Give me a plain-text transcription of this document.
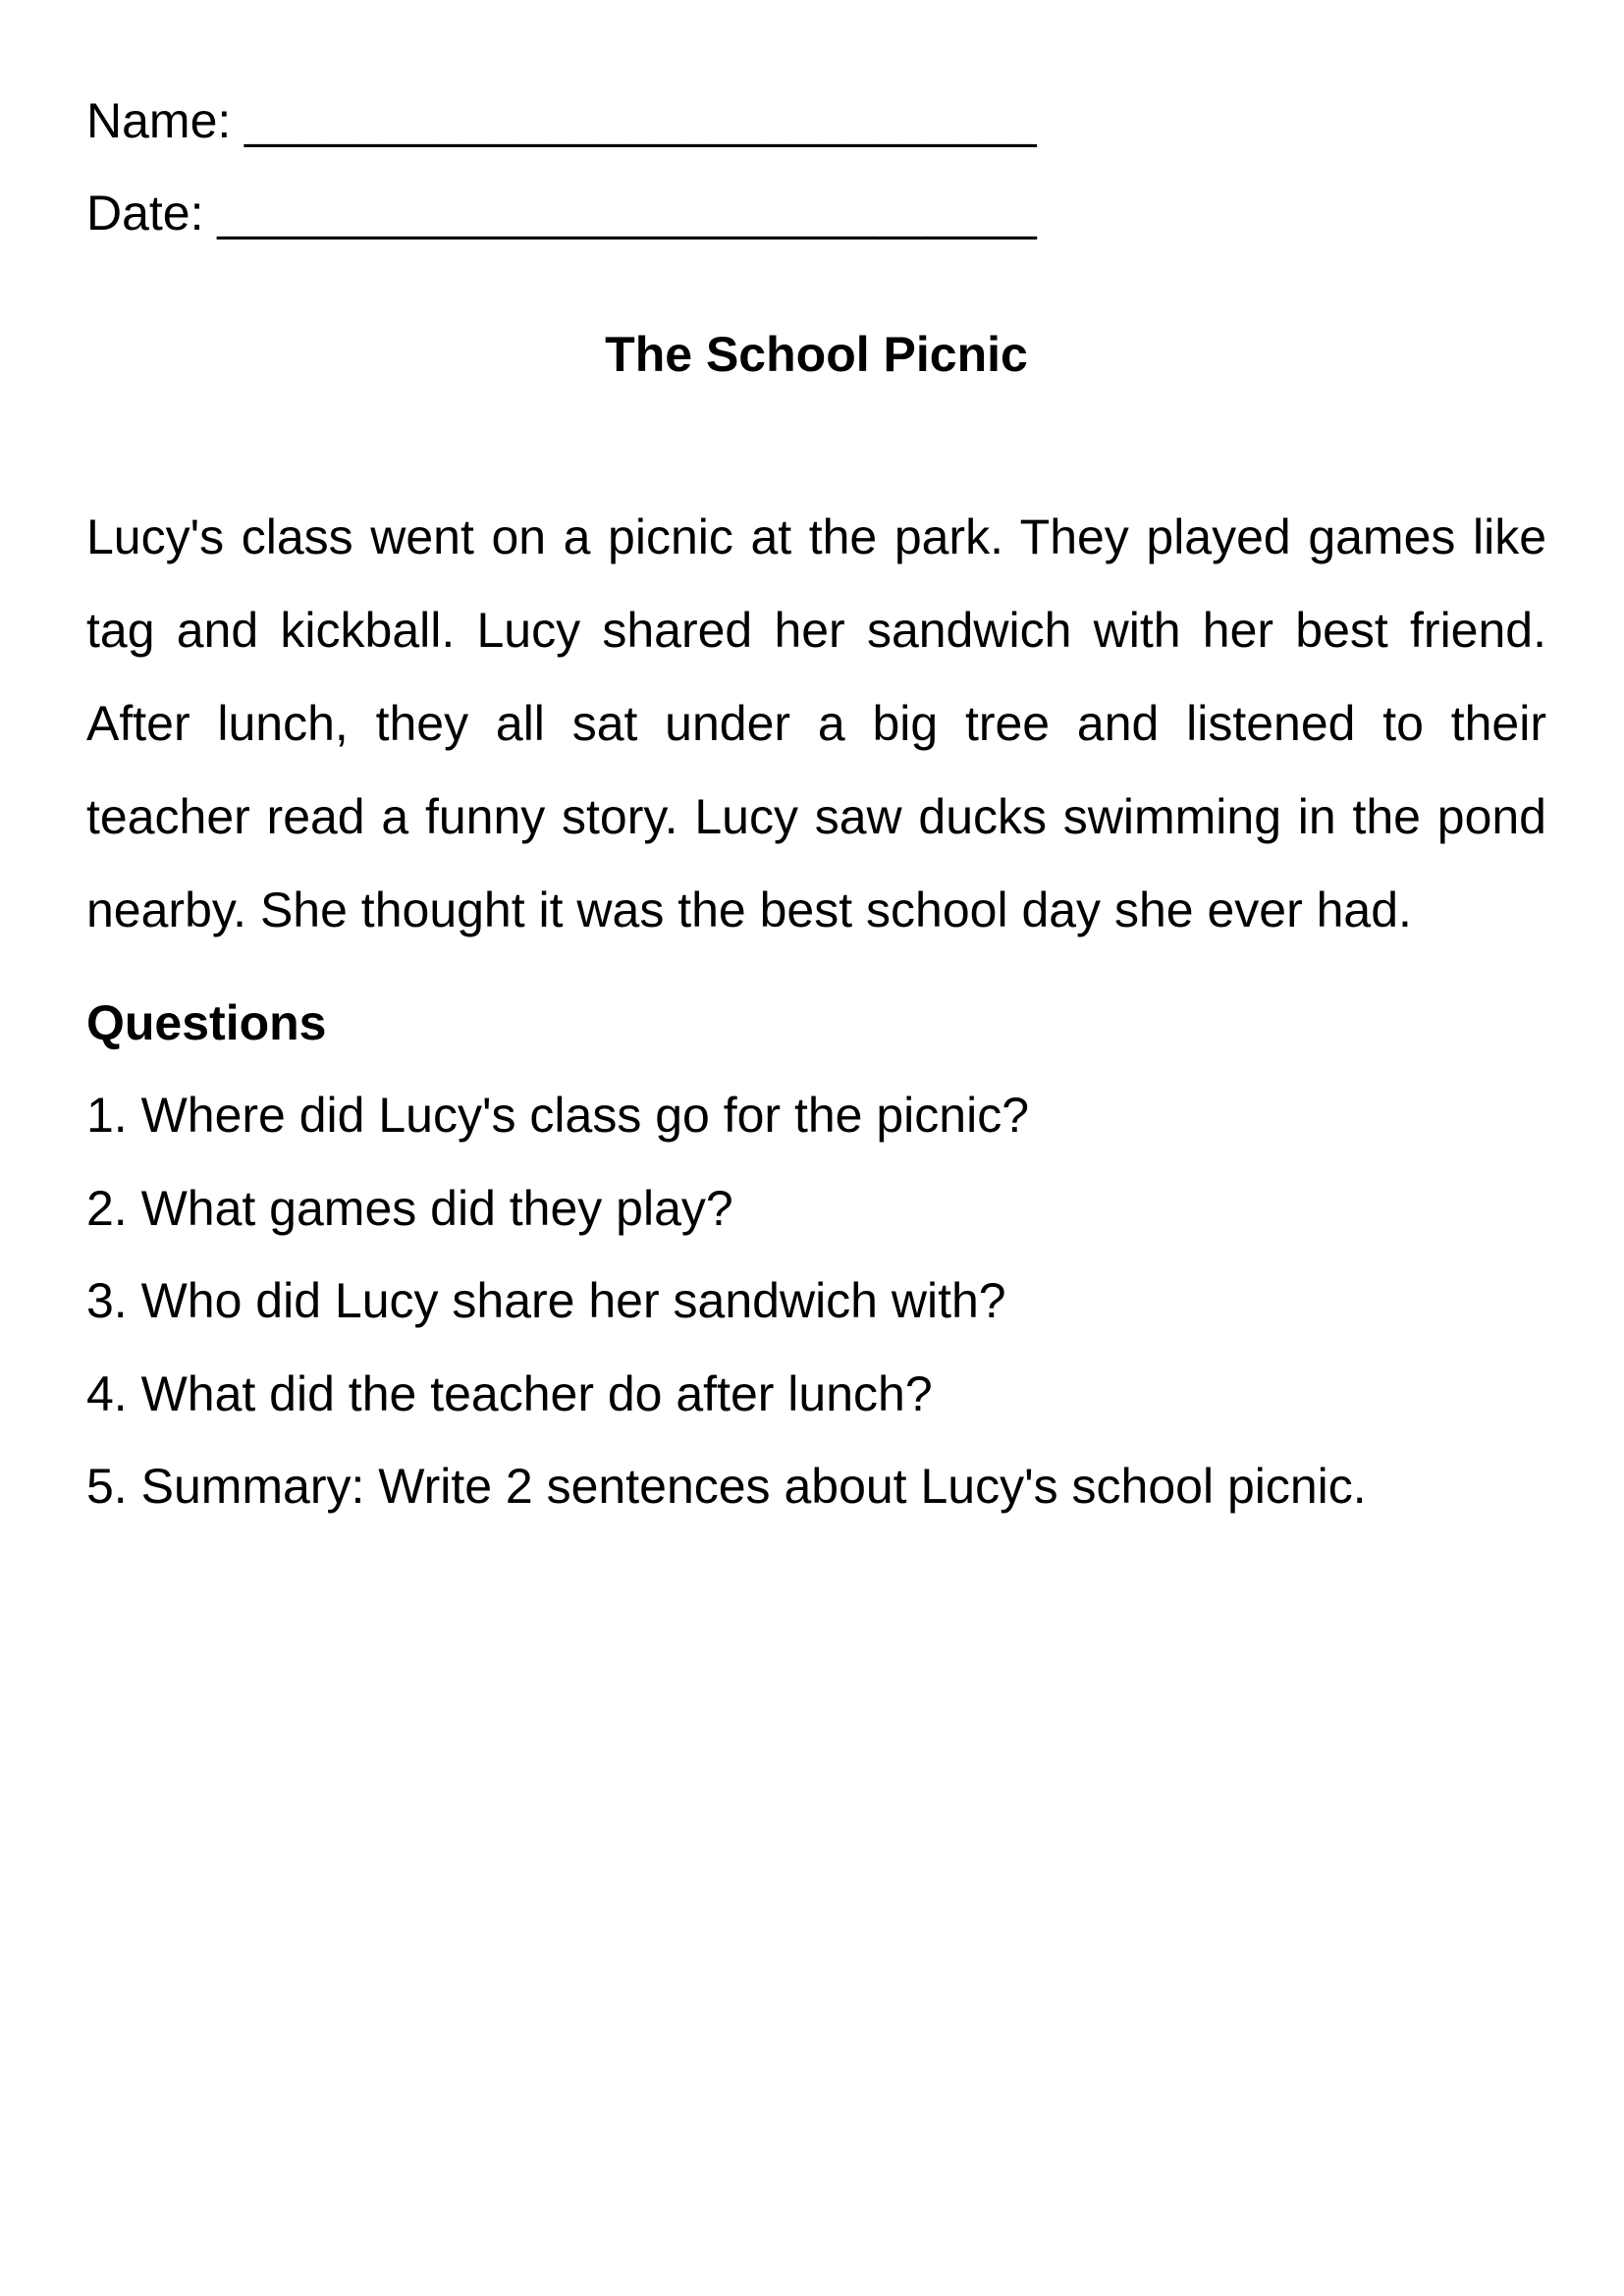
Name: _____________________________
Date: ______________________________
The School Picnic

Lucy's class went on a picnic at the park. They played games like tag and kickball. Lucy shared her sandwich with her best friend. After lunch, they all sat under a big tree and listened to their teacher read a funny story. Lucy saw ducks swimming in the pond nearby. She thought it was the best school day she ever had.

Questions
1. Where did Lucy's class go for the picnic?
2. What games did they play?
3. Who did Lucy share her sandwich with?
4. What did the teacher do after lunch?
5. Summary: Write 2 sentences about Lucy's school picnic.
